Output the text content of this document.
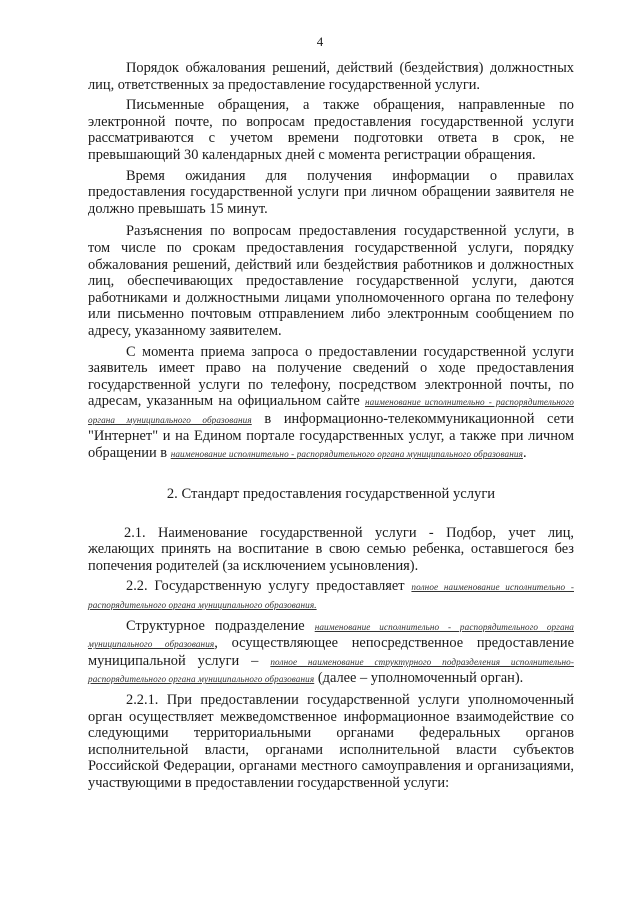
4

Порядок обжалования решений, действий (бездействия) должностных лиц, ответственных за предоставление государственной услуги.

Письменные обращения, а также обращения, направленные по электронной почте, по вопросам предоставления государственной услуги рассматриваются с учетом времени подготовки ответа в срок, не превышающий 30 календарных дней с момента регистрации обращения.

Время ожидания для получения информации о правилах предоставления государственной услуги при личном обращении заявителя не должно превышать 15 минут.

Разъяснения по вопросам предоставления государственной услуги, в том числе по срокам предоставления государственной услуги, порядку обжалования решений, действий или бездействия работников и должностных лиц, обеспечивающих предоставление государственной услуги, даются работниками и должностными лицами уполномоченного органа по телефону или письменно почтовым отправлением либо электронным сообщением по адресу, указанному заявителем.

С момента приема запроса о предоставлении государственной услуги заявитель имеет право на получение сведений о ходе предоставления государственной услуги по телефону, посредством электронной почты, по адресам, указанным на официальном сайте наименование исполнительно - распорядительного органа муниципального образования в информационно-телекоммуникационной сети "Интернет" и на Едином портале государственных услуг, а также при личном обращении в наименование исполнительно - распорядительного органа муниципального образования.

2. Стандарт предоставления государственной услуги

2.1. Наименование государственной услуги - Подбор, учет лиц, желающих принять на воспитание в свою семью ребенка, оставшегося без попечения родителей (за исключением усыновления).

2.2. Государственную услугу предоставляет полное наименование исполнительно - распорядительного органа муниципального образования.

Структурное подразделение наименование исполнительно - распорядительного органа муниципального образования, осуществляющее непосредственное предоставление муниципальной услуги – полное наименование структурного подразделения исполнительно-распорядительного органа муниципального образования (далее – уполномоченный орган).

2.2.1. При предоставлении государственной услуги уполномоченный орган осуществляет межведомственное информационное взаимодействие со следующими территориальными органами федеральных органов исполнительной власти, органами исполнительной власти субъектов Российской Федерации, органами местного самоуправления и организациями, участвующими в предоставлении государственной услуги:
